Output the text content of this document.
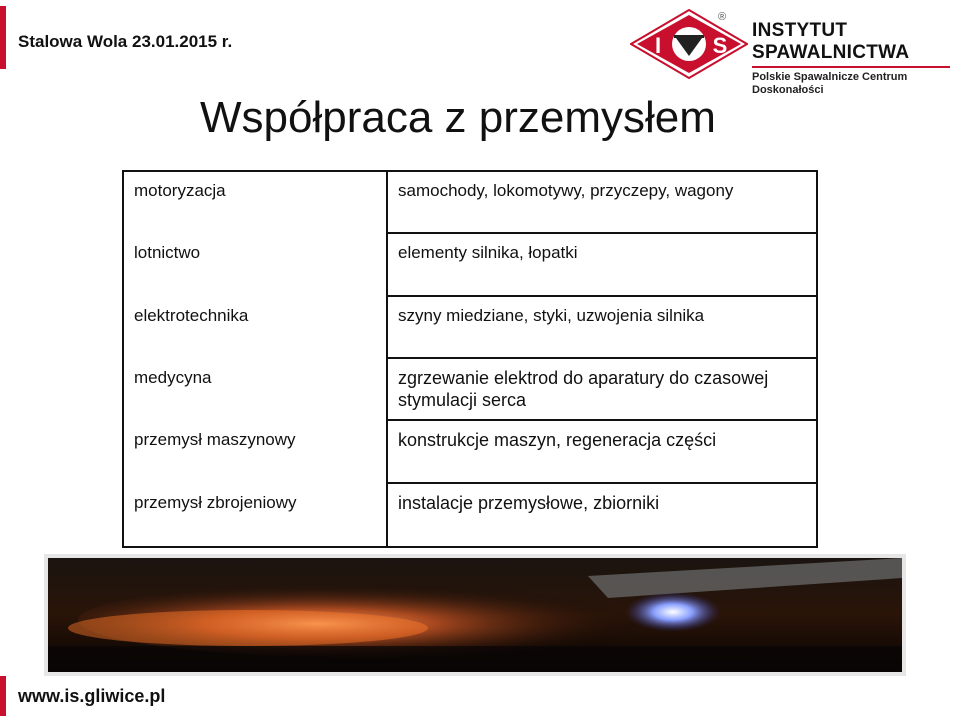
Stalowa Wola 23.01.2015 r.	I S
®
INSTYTUT SPAWALNICTWA
Polskie Spawalnicze Centrum Doskonałości
Współpraca z przemysłem
motoryzacja	samochody, lokomotywy, przyczepy, wagony
lotnictwo	elementy silnika, łopatki
elektrotechnika	szyny miedziane, styki, uzwojenia silnika
medycyna	zgrzewanie elektrod do aparatury do czasowej stymulacji serca
przemysł maszynowy	konstrukcje maszyn, regeneracja części
przemysł zbrojeniowy	instalacje przemysłowe, zbiorniki
www.is.gliwice.pl
